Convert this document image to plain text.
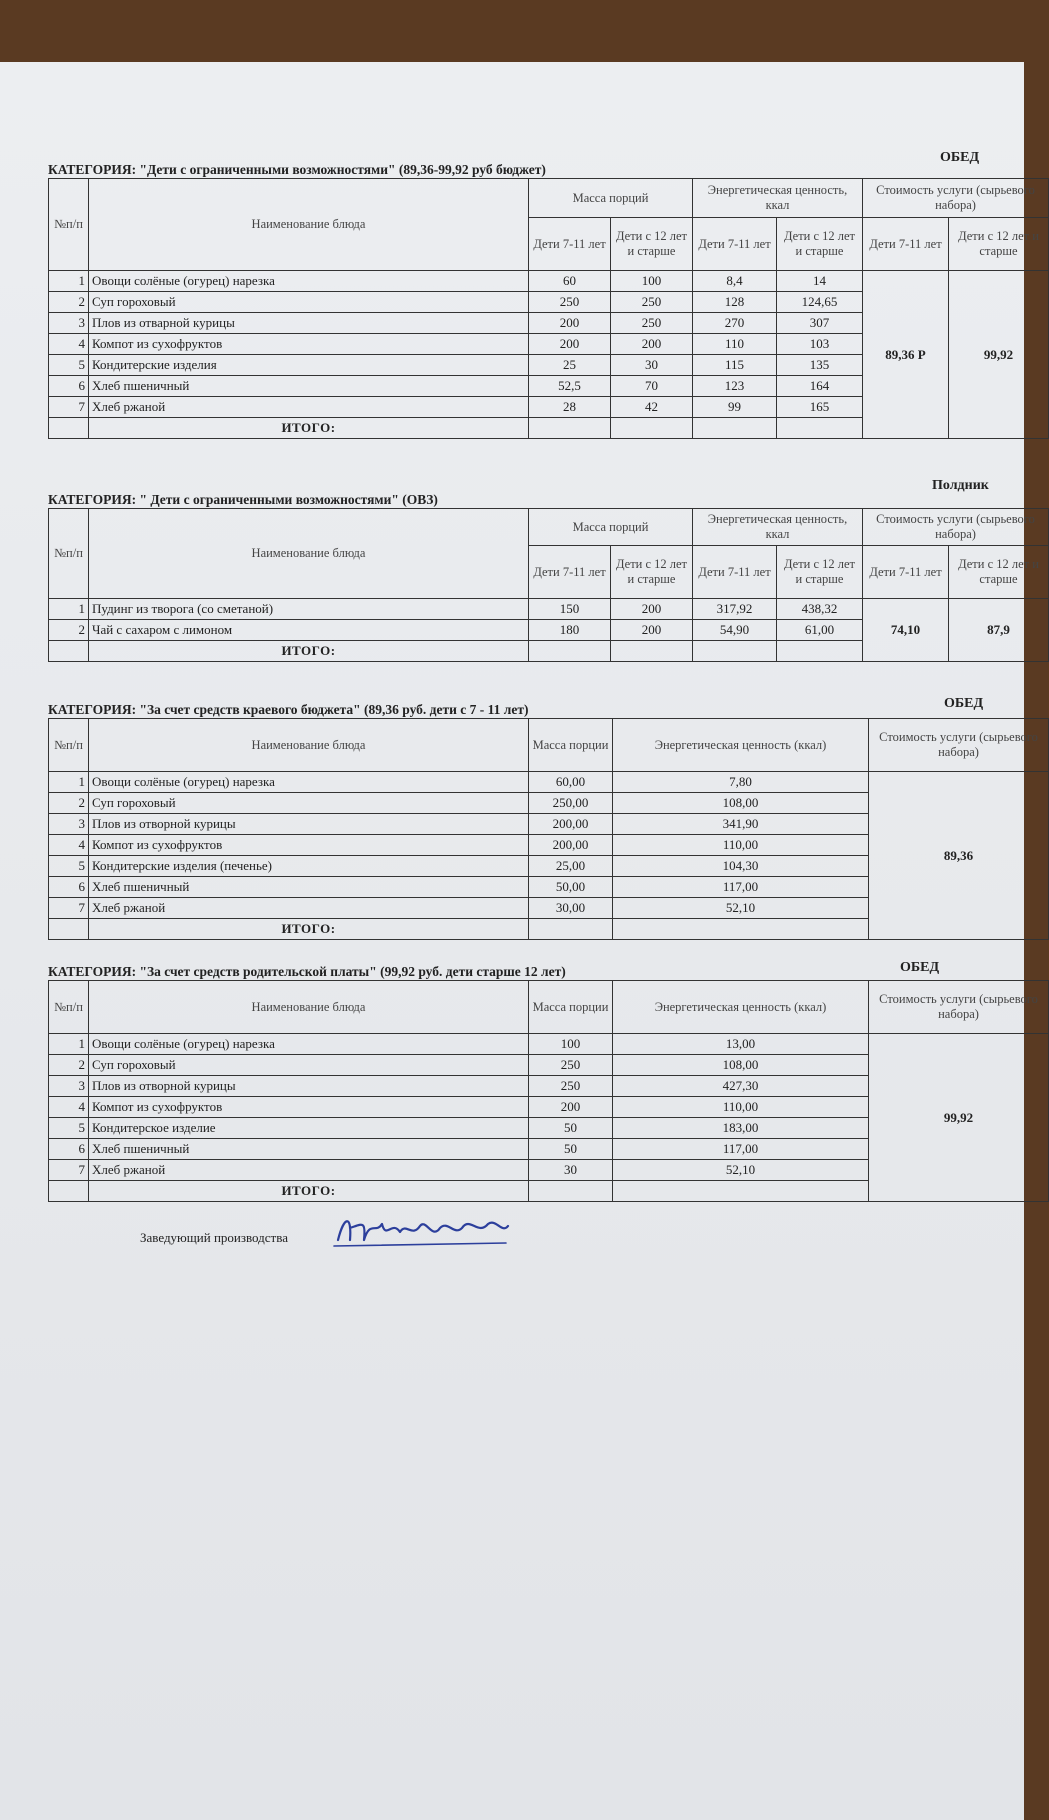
КАТЕГОРИЯ: "Дети с ограниченными возможностями" (89,36-99,92 руб бюджет)
ОБЕД
№п/п	Наименование блюда	Масса порций		Энергетическая ценность, ккал		Стоимость услуги (сырьевого набора)	
		Дети 7-11 лет	Дети с 12 лет и старше	Дети 7-11 лет	Дети с 12 лет и старше	Дети 7-11 лет	Дети с 12 лет и старше
1	Овощи солёные (огурец) нарезка	60	100	8,4	14	89,36 Р	99,92
2	Суп гороховый	250	250	128	124,65		
3	Плов из отварной курицы	200	250	270	307		
4	Компот из сухофруктов	200	200	110	103		
5	Кондитерские изделия	25	30	115	135		
6	Хлеб пшеничный	52,5	70	123	164		
7	Хлеб ржаной	28	42	99	165		
	ИТОГО:						
КАТЕГОРИЯ: " Дети с ограниченными возможностями" (ОВЗ)
Полдник
№п/п	Наименование блюда	Масса порций		Энергетическая ценность, ккал		Стоимость услуги (сырьевого набора)	
		Дети 7-11 лет	Дети с 12 лет и старше	Дети 7-11 лет	Дети с 12 лет и старше	Дети 7-11 лет	Дети с 12 лет и старше
1	Пудинг из творога (со сметаной)	150	200	317,92	438,32	74,10	87,9
2	Чай с сахаром с лимоном	180	200	54,90	61,00		
	ИТОГО:						
КАТЕГОРИЯ: "За счет средств краевого бюджета" (89,36 руб. дети с 7 - 11 лет)	ОБЕД
№п/п	Наименование блюда	Масса порции	Энергетическая ценность (ккал)	Стоимость услуги (сырьевого набора)
1	Овощи солёные (огурец) нарезка	60,00	7,80	89,36
2	Суп гороховый	250,00	108,00	
3	Плов из отворной курицы	200,00	341,90	
4	Компот из сухофруктов	200,00	110,00	
5	Кондитерские изделия (печенье)	25,00	104,30	
6	Хлеб пшеничный	50,00	117,00	
7	Хлеб ржаной	30,00	52,10	
	ИТОГО:			
КАТЕГОРИЯ: "За счет средств родительской платы" (99,92 руб. дети старше 12 лет)	ОБЕД
№п/п	Наименование блюда	Масса порции	Энергетическая ценность (ккал)	Стоимость услуги (сырьевого набора)
1	Овощи солёные (огурец) нарезка	100	13,00	99,92
2	Суп гороховый	250	108,00	
3	Плов из отворной курицы	250	427,30	
4	Компот из сухофруктов	200	110,00	
5	Кондитерское изделие	50	183,00	
6	Хлеб пшеничный	50	117,00	
7	Хлеб ржаной	30	52,10	
	ИТОГО:			
Заведующий производства
